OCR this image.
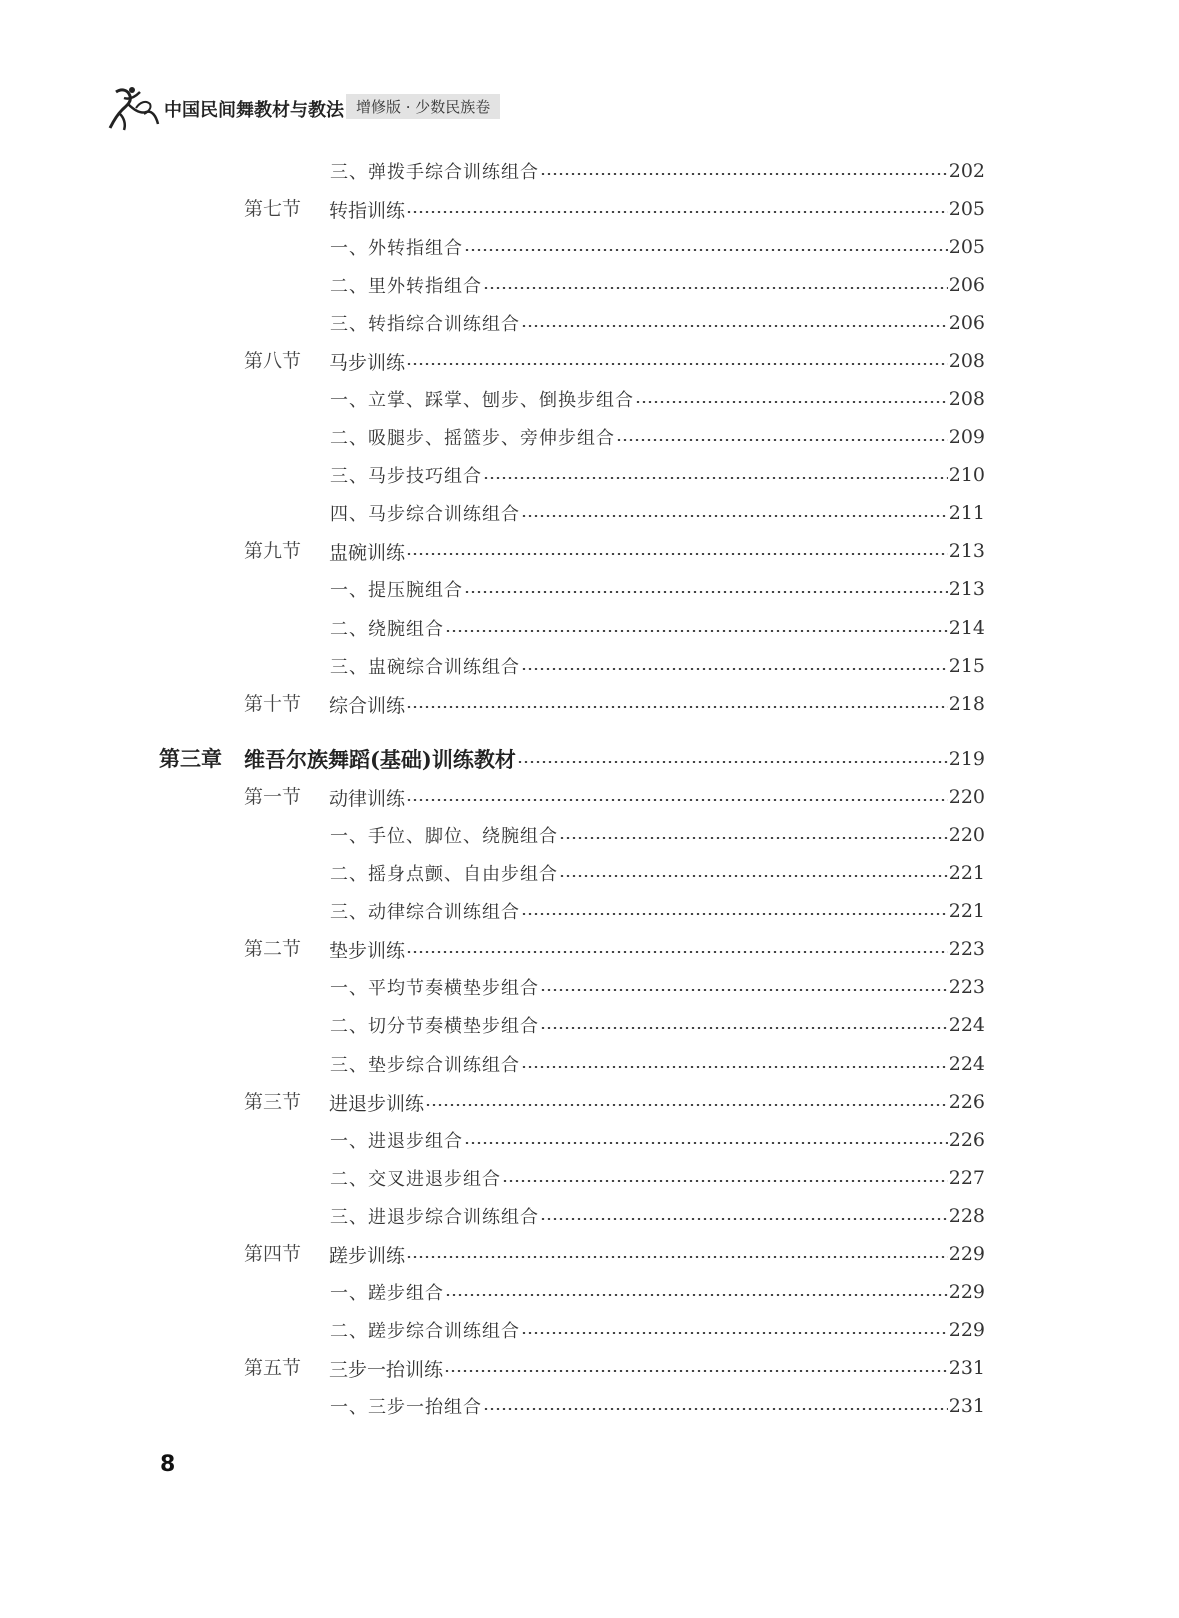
中国民间舞教材与教法 增修版 · 少数民族卷
三、弹拨手综合训练组合	202
第七节 转指训练	205
一、外转指组合	205
二、里外转指组合	206
三、转指综合训练组合	206
第八节 马步训练	208
一、立掌、踩掌、刨步、倒换步组合	208
二、吸腿步、摇篮步、旁伸步组合	209
三、马步技巧组合	210
四、马步综合训练组合	211
第九节 盅碗训练	213
一、提压腕组合	213
二、绕腕组合	214
三、盅碗综合训练组合	215
第十节 综合训练	218
第三章 维吾尔族舞蹈(基础)训练教材	219
第一节 动律训练	220
一、手位、脚位、绕腕组合	220
二、摇身点颤、自由步组合	221
三、动律综合训练组合	221
第二节 垫步训练	223
一、平均节奏横垫步组合	223
二、切分节奏横垫步组合	224
三、垫步综合训练组合	224
第三节 进退步训练	226
一、进退步组合	226
二、交叉进退步组合	227
三、进退步综合训练组合	228
第四节 蹉步训练	229
一、蹉步组合	229
二、蹉步综合训练组合	229
第五节 三步一抬训练	231
一、三步一抬组合	231
8
